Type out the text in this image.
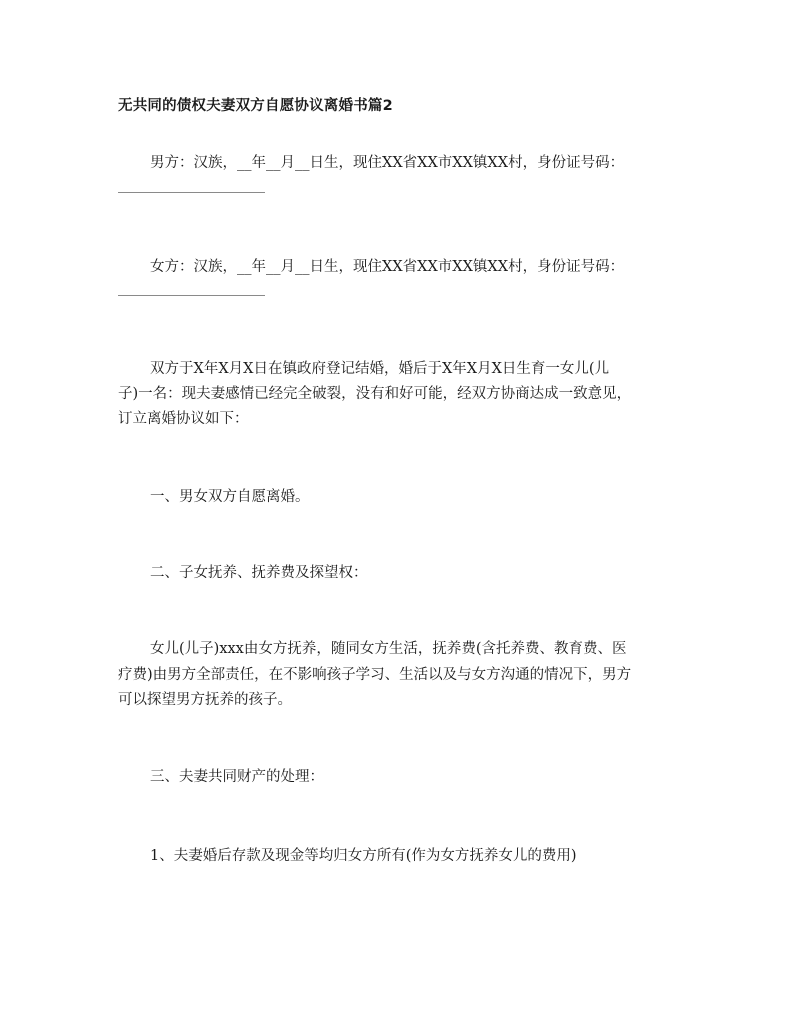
无共同的债权夫妻双方自愿协议离婚书篇2
男方：汉族，__年__月__日生，现住XX省XX市XX镇XX村，身份证号码：
女方：汉族，__年__月__日生，现住XX省XX市XX镇XX村，身份证号码：
双方于X年X月X日在镇政府登记结婚，婚后于X年X月X日生育一女儿(儿
子)一名：现夫妻感情已经完全破裂，没有和好可能，经双方协商达成一致意见，
订立离婚协议如下：
一、男女双方自愿离婚。
二、子女抚养、抚养费及探望权：
女儿(儿子)xxx由女方抚养，随同女方生活，抚养费(含托养费、教育费、医
疗费)由男方全部责任，在不影响孩子学习、生活以及与女方沟通的情况下，男方
可以探望男方抚养的孩子。
三、夫妻共同财产的处理：
1、夫妻婚后存款及现金等均归女方所有(作为女方抚养女儿的费用)
